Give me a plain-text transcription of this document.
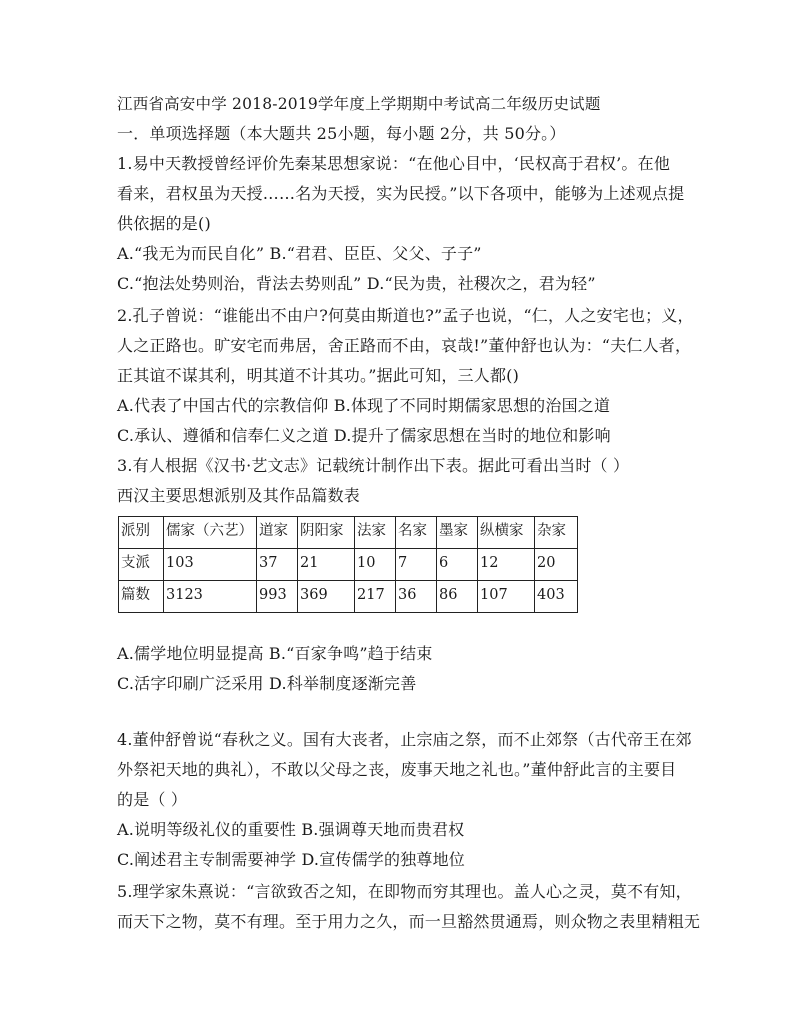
江西省高安中学 2018-2019学年度上学期期中考试高二年级历史试题
一．单项选择题（本大题共 25小题，每小题 2分，共 50分。）
1.易中天教授曾经评价先秦某思想家说：“在他心目中，‘民权高于君权’。在他
看来，君权虽为天授……名为天授，实为民授。”以下各项中，能够为上述观点提
供依据的是()
A.“我无为而民自化” B.“君君、臣臣、父父、子子”
C.“抱法处势则治，背法去势则乱” D.“民为贵，社稷次之，君为轻”
2.孔子曾说：“谁能出不由户?何莫由斯道也?”孟子也说，“仁，人之安宅也；义，
人之正路也。旷安宅而弗居，舍正路而不由，哀哉!”董仲舒也认为：“夫仁人者，
正其谊不谋其利，明其道不计其功。”据此可知，三人都()
A.代表了中国古代的宗教信仰 B.体现了不同时期儒家思想的治国之道
C.承认、遵循和信奉仁义之道 D.提升了儒家思想在当时的地位和影响
3.有人根据《汉书·艺文志》记载统计制作出下表。据此可看出当时（ ）
西汉主要思想派别及其作品篇数表
派别	儒家（六艺）	道家	阴阳家	法家	名家	墨家	纵横家	杂家
支派	103	37	21	10	7	6	12	20
篇数	3123	993	369	217	36	86	107	403
A.儒学地位明显提高 B.“百家争鸣”趋于结束
C.活字印刷广泛采用 D.科举制度逐渐完善
4.董仲舒曾说“春秋之义。国有大丧者，止宗庙之祭，而不止郊祭（古代帝王在郊
外祭祀天地的典礼），不敢以父母之丧，废事天地之礼也。”董仲舒此言的主要目
的是（ ）
A.说明等级礼仪的重要性 B.强调尊天地而贵君权
C.阐述君主专制需要神学 D.宣传儒学的独尊地位
5.理学家朱熹说：“言欲致否之知，在即物而穷其理也。盖人心之灵，莫不有知，
而天下之物，莫不有理。至于用力之久，而一旦豁然贯通焉，则众物之表里精粗无
